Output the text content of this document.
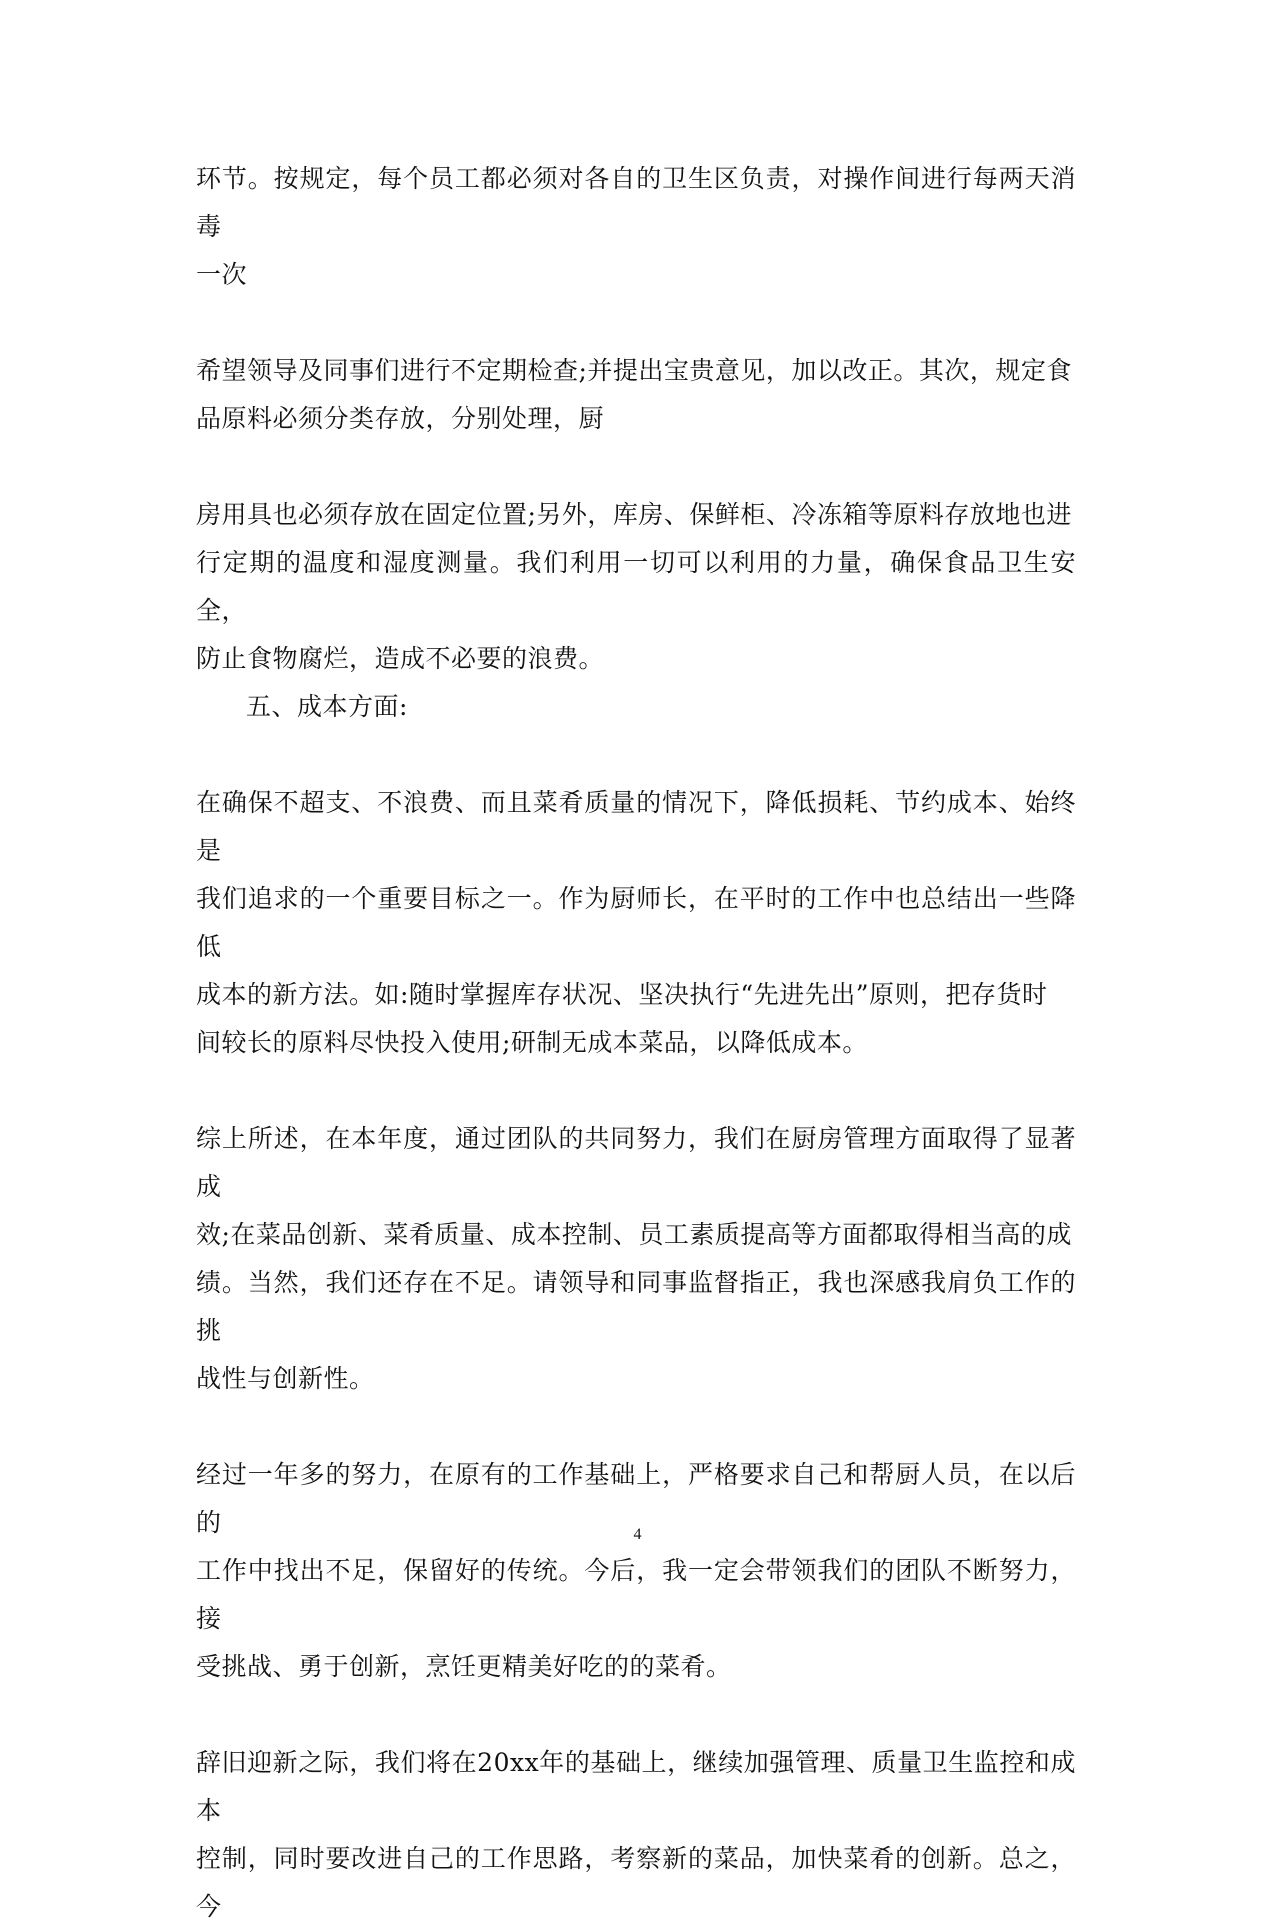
环节。按规定，每个员工都必须对各自的卫生区负责，对操作间进行每两天消毒
一次

希望领导及同事们进行不定期检查;并提出宝贵意见，加以改正。其次，规定食
品原料必须分类存放，分别处理，厨

房用具也必须存放在固定位置;另外，库房、保鲜柜、冷冻箱等原料存放地也进
行定期的温度和湿度测量。我们利用一切可以利用的力量，确保食品卫生安全，
防止食物腐烂，造成不必要的浪费。

五、成本方面:

在确保不超支、不浪费、而且菜肴质量的情况下，降低损耗、节约成本、始终是
我们追求的一个重要目标之一。作为厨师长，在平时的工作中也总结出一些降低
成本的新方法。如:随时掌握库存状况、坚决执行“先进先出”原则，把存货时
间较长的原料尽快投入使用;研制无成本菜品，以降低成本。

综上所述，在本年度，通过团队的共同努力，我们在厨房管理方面取得了显著成
效;在菜品创新、菜肴质量、成本控制、员工素质提高等方面都取得相当高的成
绩。当然，我们还存在不足。请领导和同事监督指正，我也深感我肩负工作的挑
战性与创新性。

经过一年多的努力，在原有的工作基础上，严格要求自己和帮厨人员，在以后的
工作中找出不足，保留好的传统。今后，我一定会带领我们的团队不断努力，接
受挑战、勇于创新，烹饪更精美好吃的的菜肴。

辞旧迎新之际，我们将在20xx年的基础上，继续加强管理、质量卫生监控和成本
控制，同时要改进自己的工作思路，考察新的菜品，加快菜肴的创新。总之，今

4
